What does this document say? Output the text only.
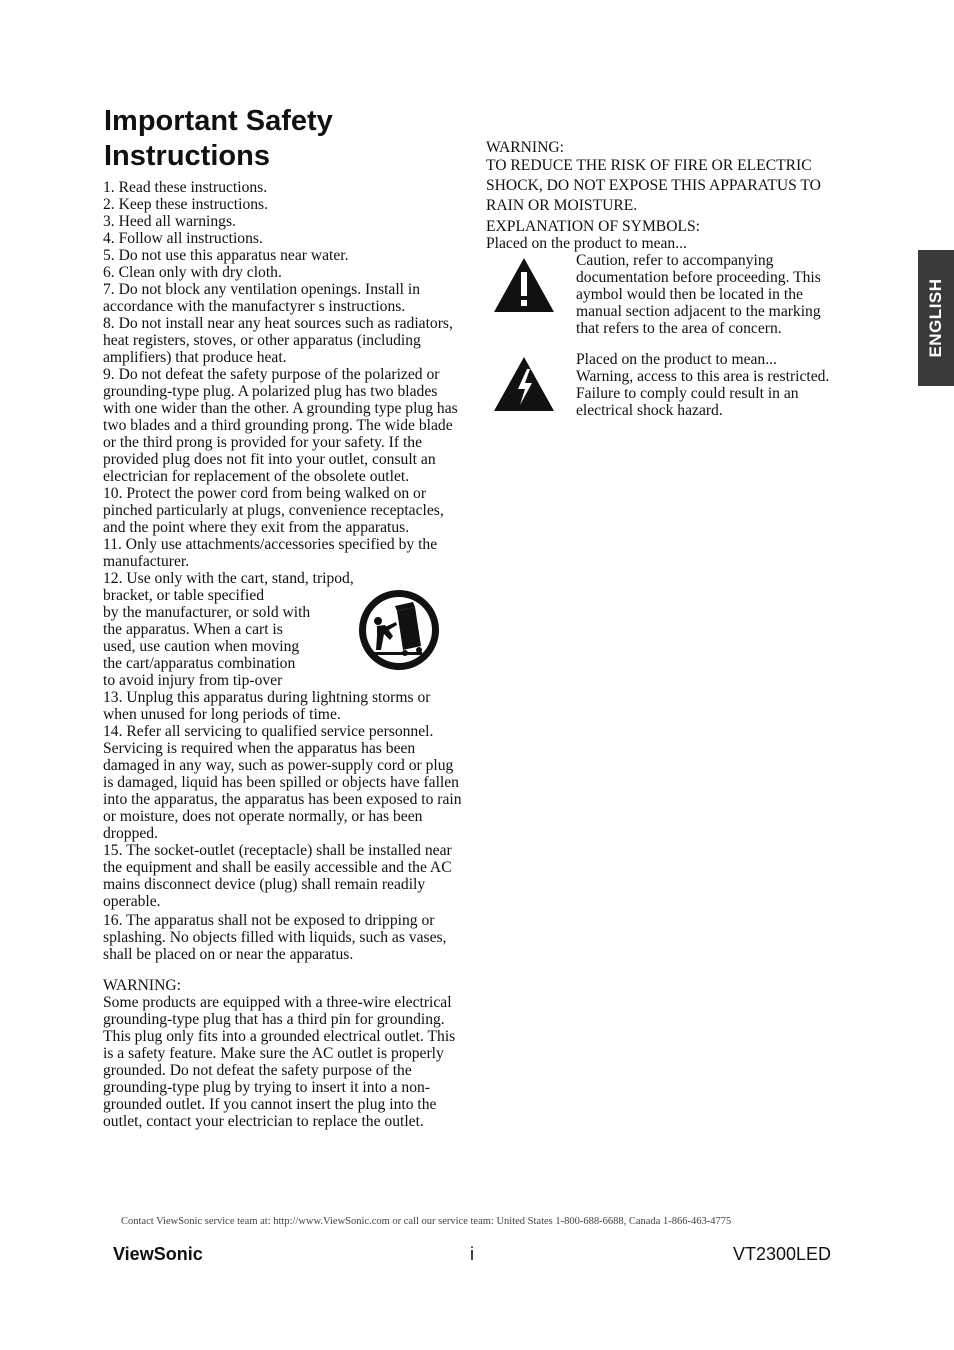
Important Safety
Instructions

1. Read these instructions.

2. Keep these instructions.

3. Heed all warnings.

4. Follow all instructions.

5. Do not use this apparatus near water.

6. Clean only with dry cloth.

7. Do not block any ventilation openings. Install in accordance with the manufactyrer s instructions.

8. Do not install near any heat sources such as radiators, heat registers, stoves, or other apparatus (including amplifiers) that produce heat.

9. Do not defeat the safety purpose of the polarized or grounding-type plug. A polarized plug has two blades with one wider than the other. A grounding type plug has two blades and a third grounding prong. The wide blade or the third prong is provided for your safety. If the provided plug does not fit into your outlet, consult an electrician for replacement of the obsolete outlet.

10. Protect the power cord from being walked on or pinched particularly at plugs, convenience receptacles, and the point where they exit from the apparatus.

11. Only use attachments/accessories specified by the manufacturer.

12. Use only with the cart, stand, tripod,

bracket, or table specified

by the manufacturer, or sold with

the apparatus. When a cart is

used, use caution when moving

the cart/apparatus combination

to avoid injury from tip-over

13. Unplug this apparatus during lightning storms or when unused for long periods of time.

14. Refer all servicing to qualified service personnel. Servicing is required when the apparatus has been damaged in any way, such as power-supply cord or plug is damaged, liquid has been spilled or objects have fallen into the apparatus, the apparatus has been exposed to rain or moisture, does not operate normally, or has been dropped.

15. The socket-outlet (receptacle) shall be installed near the equipment and shall be easily accessible and the AC mains disconnect device (plug) shall remain readily operable.

16. The apparatus shall not be exposed to dripping or splashing. No objects filled with liquids, such as vases, shall be placed on or near the apparatus.

WARNING:

Some products are equipped with a three-wire electrical grounding-type plug that has a third pin for grounding. This plug only fits into a grounded electrical outlet. This is a safety feature. Make sure the AC outlet is properly grounded. Do not defeat the safety purpose of the grounding-type plug by trying to insert it into a non-grounded outlet. If you cannot insert the plug into the outlet, contact your electrician to replace the outlet.

WARNING:

TO REDUCE THE RISK OF FIRE OR ELECTRIC SHOCK, DO NOT EXPOSE THIS APPARATUS TO RAIN OR MOISTURE.

EXPLANATION OF SYMBOLS:

Placed on the product to mean...

Caution, refer to accompanying documentation before proceeding. This aymbol would then be located in the manual section adjacent to the marking that refers to the area of concern.

Placed on the product to mean...

Warning, access to this area is restricted. Failure to comply could result in an electrical shock hazard.

ENGLISH
Contact ViewSonic service team at: http://www.ViewSonic.com or call our service team: United States 1-800-688-6688, Canada 1-866-463-4775
ViewSonic	i	VT2300LED
